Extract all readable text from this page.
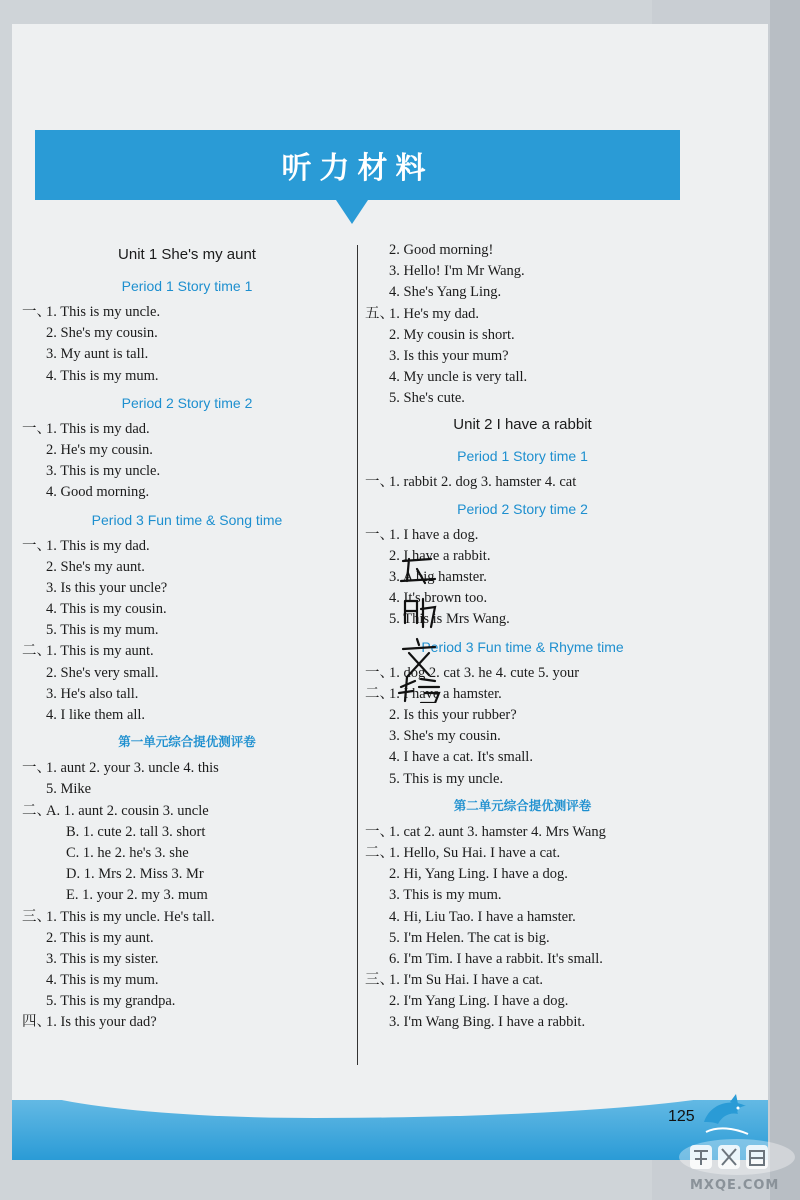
听力材料
Unit 1 She's my aunt
Period 1 Story time 1
一、1. This is my uncle.
2. She's my cousin.
3. My aunt is tall.
4. This is my mum.
Period 2 Story time 2
一、1. This is my dad.
2. He's my cousin.
3. This is my uncle.
4. Good morning.
Period 3 Fun time & Song time
一、1. This is my dad.
2. She's my aunt.
3. Is this your uncle?
4. This is my cousin.
5. This is my mum.
二、1. This is my aunt.
2. She's very small.
3. He's also tall.
4. I like them all.
第一单元综合提优测评卷
一、1. aunt 2. your 3. uncle 4. this
5. Mike
二、A. 1. aunt 2. cousin 3. uncle
B. 1. cute 2. tall 3. short
C. 1. he 2. he's 3. she
D. 1. Mrs 2. Miss 3. Mr
E. 1. your 2. my 3. mum
三、1. This is my uncle. He's tall.
2. This is my aunt.
3. This is my sister.
4. This is my mum.
5. This is my grandpa.
四、1. Is this your dad?
2. Good morning!
3. Hello! I'm Mr Wang.
4. She's Yang Ling.
五、1. He's my dad.
2. My cousin is short.
3. Is this your mum?
4. My uncle is very tall.
5. She's cute.
Unit 2 I have a rabbit
Period 1 Story time 1
一、1. rabbit 2. dog 3. hamster 4. cat
Period 2 Story time 2
一、1. I have a dog.
2. I have a rabbit.
3. A big hamster.
4. It's brown too.
5. This is Mrs Wang.
Period 3 Fun time & Rhyme time
一、1. dog 2. cat 3. he 4. cute 5. your
二、1. I have a hamster.
2. Is this your rubber?
3. She's my cousin.
4. I have a cat. It's small.
5. This is my uncle.
第二单元综合提优测评卷
一、1. cat 2. aunt 3. hamster 4. Mrs Wang
二、1. Hello, Su Hai. I have a cat.
2. Hi, Yang Ling. I have a dog.
3. This is my mum.
4. Hi, Liu Tao. I have a hamster.
5. I'm Helen. The cat is big.
6. I'm Tim. I have a rabbit. It's small.
三、1. I'm Su Hai. I have a cat.
2. I'm Yang Ling. I have a dog.
3. I'm Wang Bing. I have a rabbit.
125
MXQE.COM
